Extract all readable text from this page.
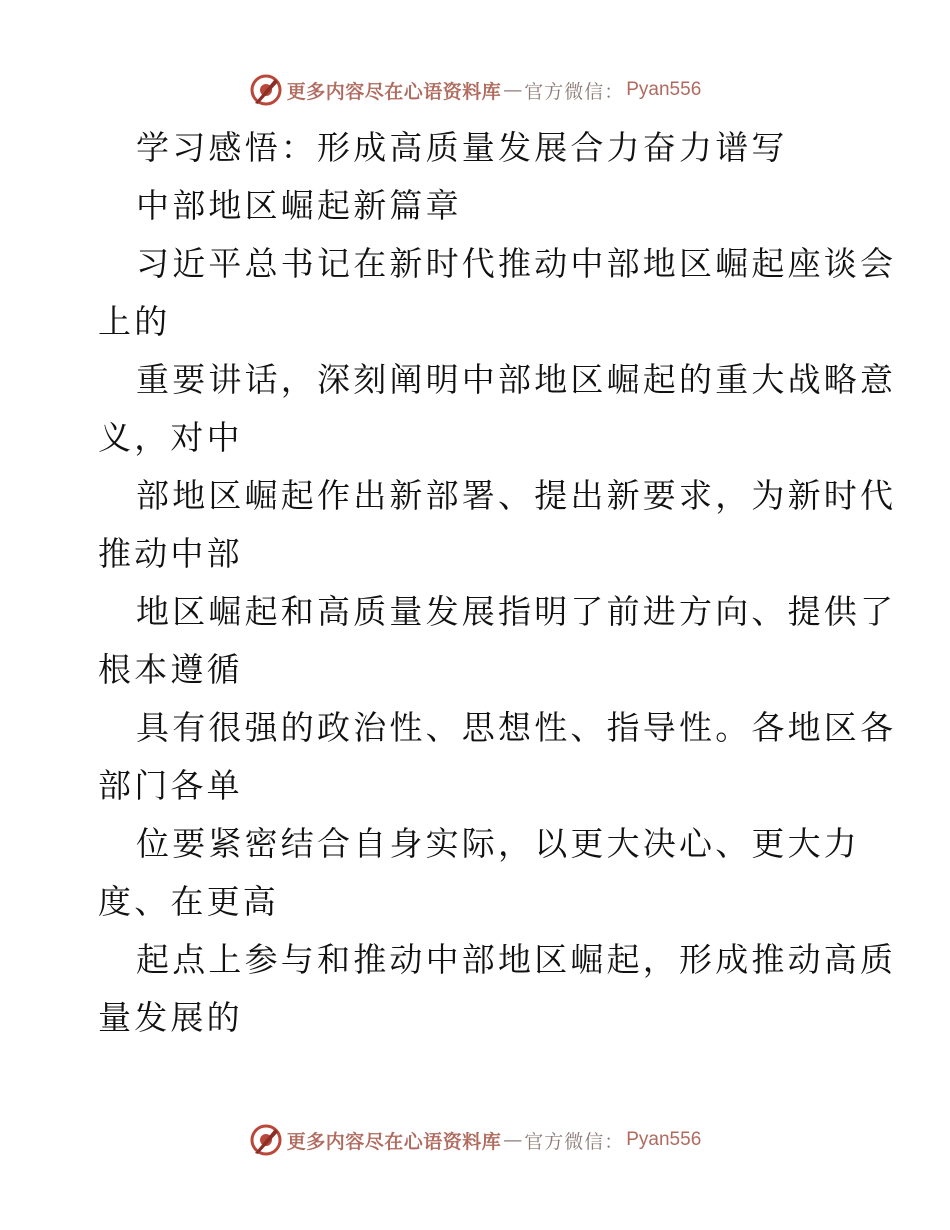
更多内容尽在心语资料库 — 官方微信： Pyan556
学习感悟：形成高质量发展合力奋力谱写
中部地区崛起新篇章
习近平总书记在新时代推动中部地区崛起座谈会
上的
重要讲话，深刻阐明中部地区崛起的重大战略意
义，对中
部地区崛起作出新部署、提出新要求，为新时代
推动中部
地区崛起和高质量发展指明了前进方向、提供了
根本遵循
具有很强的政治性、思想性、指导性。各地区各
部门各单
位要紧密结合自身实际，以更大决心、更大力
度、在更高
起点上参与和推动中部地区崛起，形成推动高质
量发展的
更多内容尽在心语资料库 — 官方微信： Pyan556
